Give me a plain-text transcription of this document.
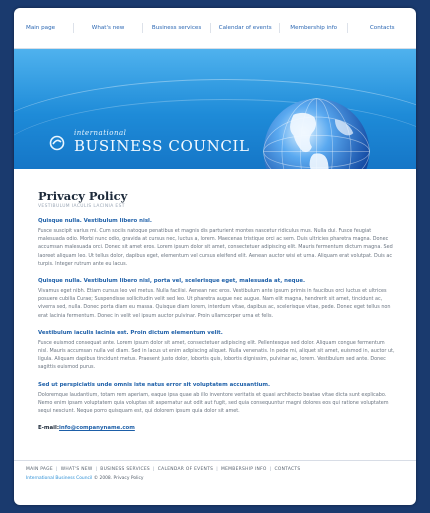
Main page	What's new	Business services	Calendar of events	Membership info	Contacts
international
BUSINESS COUNCIL
Privacy Policy
VESTIBULUM IACULIS LACINIA EST
Quisque nulla. Vestibulum libero nisl.

Fusce suscipit varius mi. Cum sociis natoque penatibus et magnis dis parturient montes nascetur ridiculus mus. Nulla dui. Fusce feugiat malesuada odio. Morbi nunc odio, gravida at cursus nec, luctus a, lorem. Maecenas tristique orci ac sem. Duis ultricies pharetra magna. Donec accumsan malesuada orci. Donec sit amet eros. Lorem ipsum dolor sit amet, consectetuer adipiscing elit. Mauris fermentum dictum magna. Sed laoreet aliquam leo. Ut tellus dolor, dapibus eget, elementum vel cursus eleifend elit. Aenean auctor wisi et urna. Aliquam erat volutpat. Duis ac turpis. Integer rutrum ante eu lacus.

Quisque nulla. Vestibulum libero nisl, porta vel, scelerisque eget, malesuada at, neque.

Vivamus eget nibh. Etiam cursus leo vel metus. Nulla facilisi. Aenean nec eros. Vestibulum ante ipsum primis in faucibus orci luctus et ultrices posuere cubilia Curae; Suspendisse sollicitudin velit sed leo. Ut pharetra augue nec augue. Nam elit magna, hendrerit sit amet, tincidunt ac, viverra sed, nulla. Donec porta diam eu massa. Quisque diam lorem, interdum vitae, dapibus ac, scelerisque vitae, pede. Donec eget tellus non erat lacinia fermentum. Donec in velit vel ipsum auctor pulvinar. Proin ullamcorper urna et felis.

Vestibulum iaculis lacinia est. Proin dictum elementum velit.

Fusce euismod consequat ante. Lorem ipsum dolor sit amet, consectetuer adipiscing elit. Pellentesque sed dolor. Aliquam congue fermentum nisl. Mauris accumsan nulla vel diam. Sed in lacus ut enim adipiscing aliquet. Nulla venenatis. In pede mi, aliquet sit amet, euismod in, auctor ut, ligula. Aliquam dapibus tincidunt metus. Praesent justo dolor, lobortis quis, lobortis dignissim, pulvinar ac, lorem. Vestibulum sed ante. Donec sagittis euismod purus.

Sed ut perspiciatis unde omnis iste natus error sit voluptatem accusantium.

Doloremque laudantium, totam rem aperiam, eaque ipsa quae ab illo inventore veritatis et quasi architecto beatae vitae dicta sunt explicabo. Nemo enim ipsam voluptatem quia voluptas sit aspernatur aut odit aut fugit, sed quia consequuntur magni dolores eos qui ratione voluptatem sequi nesciunt. Neque porro quisquam est, qui dolorem ipsum quia dolor sit amet.

E-mail:info@companyname.com
MAIN PAGE | WHAT'S NEW | BUSINESS SERVICES | CALENDAR OF EVENTS | MEMBERSHIP INFO | CONTACTS
International Business Council © 2008. Privacy Policy
